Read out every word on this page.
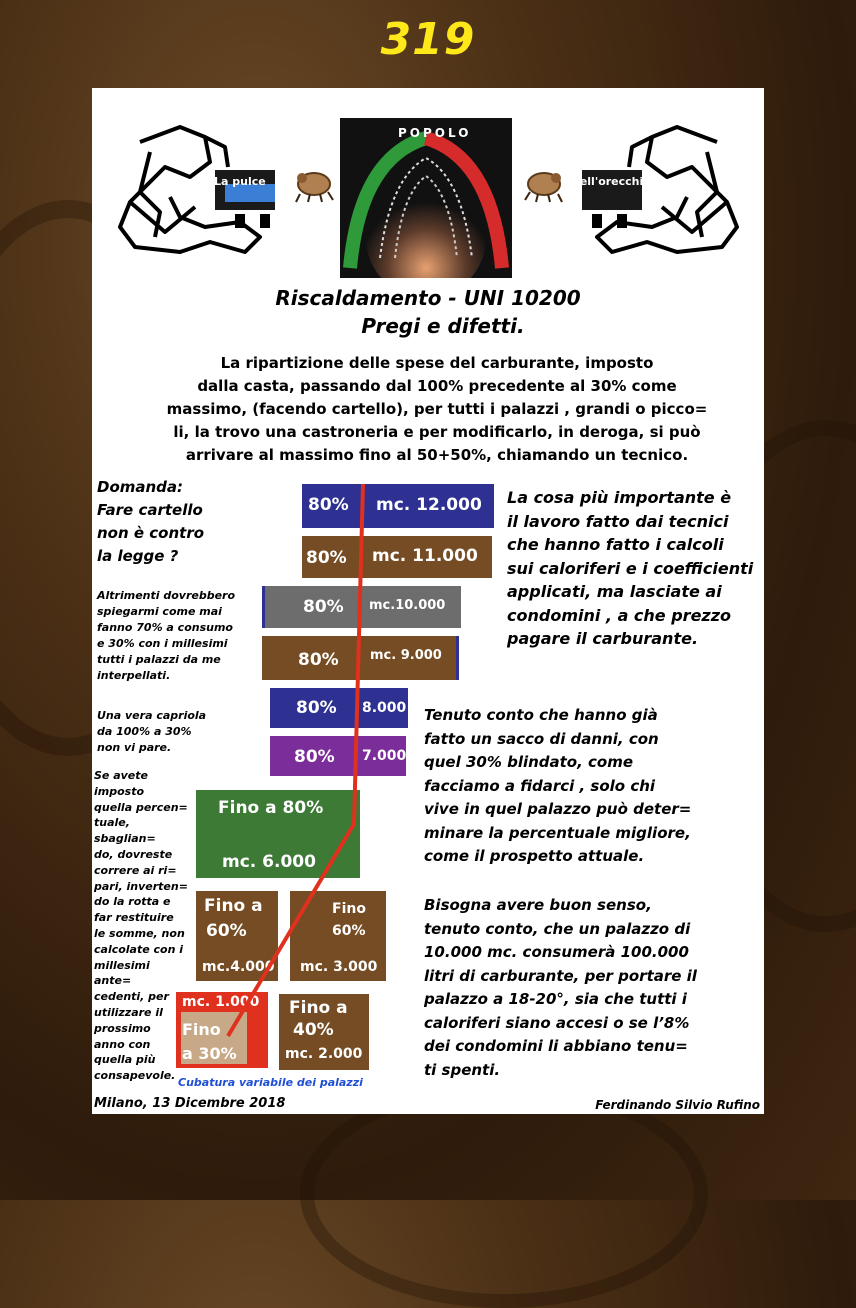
319
La pulce
POPOLO
nell'orecchio
Riscaldamento - UNI 10200
Pregi e difetti.
La ripartizione delle spese del carburante, imposto
dalla casta, passando dal 100% precedente al 30% come
massimo, (facendo cartello), per tutti i palazzi , grandi o picco=
li, la trovo una castroneria e per modificarlo, in deroga, si può
arrivare al massimo fino al 50+50%, chiamando un tecnico.
Domanda:
Fare cartello
non è contro
la legge ?
Altrimenti dovrebbero
spiegarmi come mai
fanno 70% a consumo
e 30% con i millesimi
tutti i palazzi da me
interpellati.
Una vera capriola
da 100% a 30%
non vi pare.
Se avete imposto
quella percen=
tuale, sbaglian=
do, dovreste
correre ai ri=
pari, inverten=
do la rotta e
far restituire
le somme, non
calcolate con i
millesimi ante=
cedenti, per
utilizzare il
prossimo
anno con
quella più
consapevole.
80% mc. 12.000
80% mc. 11.000
80% mc.10.000
80% mc. 9.000
80% 8.000
80% 7.000
Fino a 80%
mc. 6.000
Fino a
60%
mc.4.000
Fino
60%
mc. 3.000
mc. 1.000
Fino
a 30%
Fino a
40%
mc. 2.000
La cosa più importante è
il lavoro fatto dai tecnici
che hanno fatto i calcoli
sui caloriferi e i coefficienti
applicati, ma lasciate ai
condomini , a che prezzo
pagare il carburante.
Tenuto conto che hanno già
fatto un sacco di danni, con
quel 30% blindato, come
facciamo a fidarci , solo chi
vive in quel palazzo può deter=
minare la percentuale migliore,
come il prospetto attuale.
Bisogna avere buon senso,
tenuto conto, che un palazzo di
10.000 mc. consumerà 100.000
litri di carburante, per portare il
palazzo a 18-20°, sia che tutti i
caloriferi siano accesi o se l’8%
dei condomini li abbiano tenu=
ti spenti.
Cubatura variabile dei palazzi
Milano, 13 Dicembre 2018	Ferdinando Silvio Rufino
